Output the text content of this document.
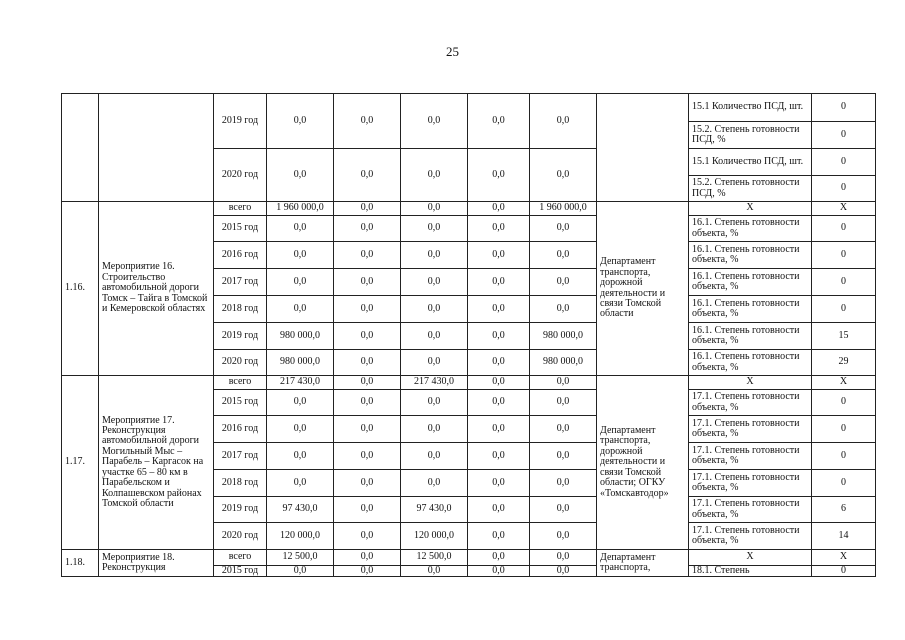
25
		2019 год	0,0	0,0	0,0	0,0	0,0		15.1 Количество ПСД, шт.	0
									15.2. Степень готовности ПСД, %	0
		2020 год	0,0	0,0	0,0	0,0	0,0		15.1 Количество ПСД, шт.	0
									15.2. Степень готовности ПСД, %	0
1.16.	Мероприятие 16. Строительство автомобильной дороги Томск – Тайга в Томской и Кемеровской областях	всего	1 960 000,0	0,0	0,0	0,0	1 960 000,0	Департамент транспорта, дорожной деятельности и связи Томской области	X	X
		2015 год	0,0	0,0	0,0	0,0	0,0		16.1. Степень готовности объекта, %	0
		2016 год	0,0	0,0	0,0	0,0	0,0		16.1. Степень готовности объекта, %	0
		2017 год	0,0	0,0	0,0	0,0	0,0		16.1. Степень готовности объекта, %	0
		2018 год	0,0	0,0	0,0	0,0	0,0		16.1. Степень готовности объекта, %	0
		2019 год	980 000,0	0,0	0,0	0,0	980 000,0		16.1. Степень готовности объекта, %	15
		2020 год	980 000,0	0,0	0,0	0,0	980 000,0		16.1. Степень готовности объекта, %	29
1.17.	Мероприятие 17. Реконструкция автомобильной дороги Могильный Мыс – Парабель – Каргасок на участке 65 – 80 км в Парабельском и Колпашевском районах Томской области	всего	217 430,0	0,0	217 430,0	0,0	0,0	Департамент транспорта, дорожной деятельности и связи Томской области; ОГКУ «Томскавтодор»	X	X
		2015 год	0,0	0,0	0,0	0,0	0,0		17.1. Степень готовности объекта, %	0
		2016 год	0,0	0,0	0,0	0,0	0,0		17.1. Степень готовности объекта, %	0
		2017 год	0,0	0,0	0,0	0,0	0,0		17.1. Степень готовности объекта, %	0
		2018 год	0,0	0,0	0,0	0,0	0,0		17.1. Степень готовности объекта, %	0
		2019 год	97 430,0	0,0	97 430,0	0,0	0,0		17.1. Степень готовности объекта, %	6
		2020 год	120 000,0	0,0	120 000,0	0,0	0,0		17.1. Степень готовности объекта, %	14
1.18.	Мероприятие 18. Реконструкция	всего	12 500,0	0,0	12 500,0	0,0	0,0	Департамент транспорта,	X	X
		2015 год	0,0	0,0	0,0	0,0	0,0		18.1. Степень	0
